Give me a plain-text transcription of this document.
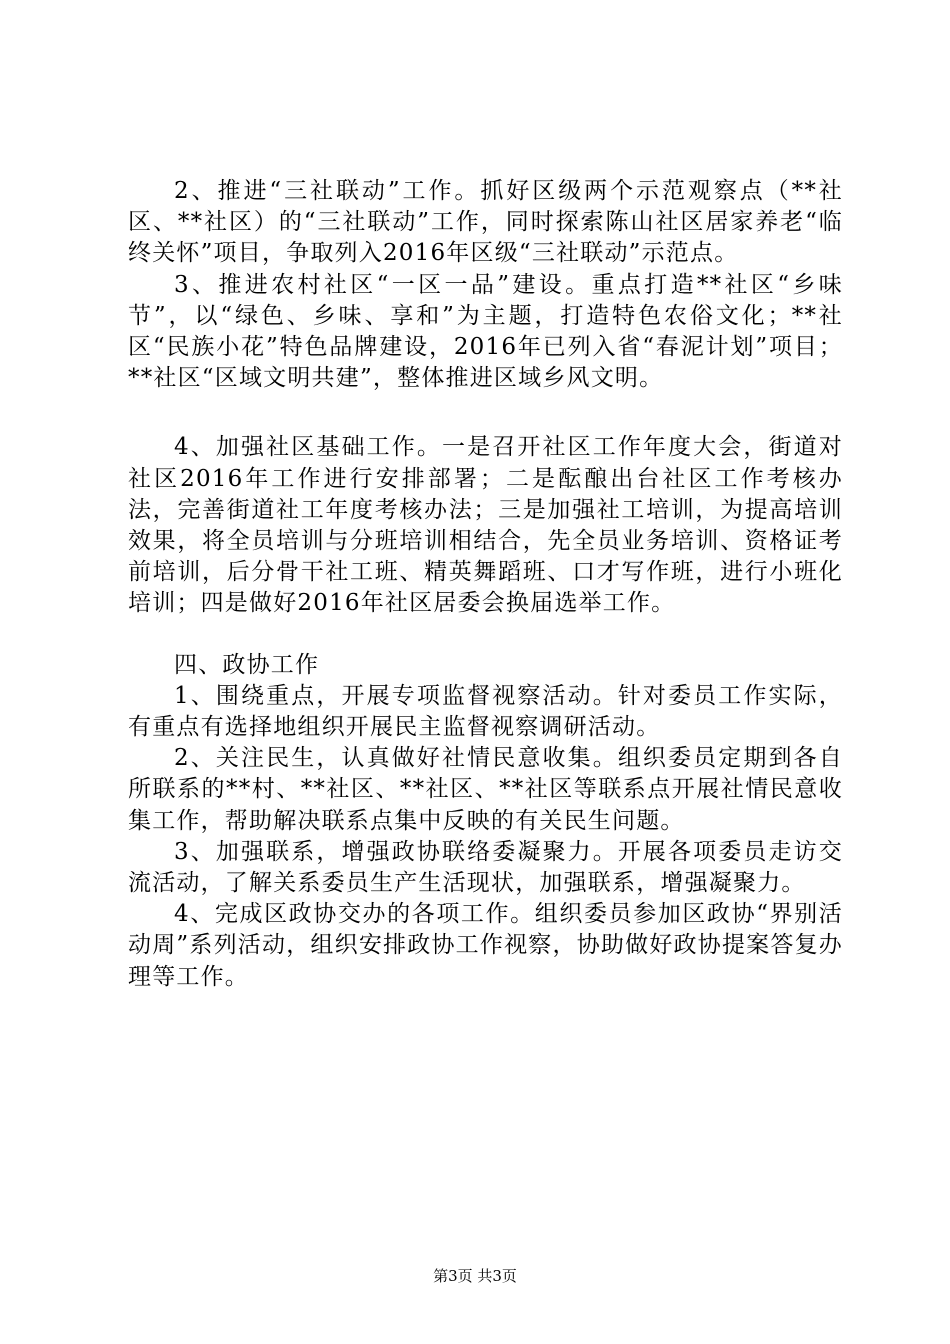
2、推进“三社联动”工作。抓好区级两个示范观察点（**社区、**社区）的“三社联动”工作，同时探索陈山社区居家养老“临终关怀”项目，争取列入2016年区级“三社联动”示范点。

3、推进农村社区“一区一品”建设。重点打造**社区“乡味节”，以“绿色、乡味、享和”为主题，打造特色农俗文化；**社区“民族小花”特色品牌建设，2016年已列入省“春泥计划”项目；**社区“区域文明共建”，整体推进区域乡风文明。

4、加强社区基础工作。一是召开社区工作年度大会，街道对社区2016年工作进行安排部署；二是酝酿出台社区工作考核办法，完善街道社工年度考核办法；三是加强社工培训，为提高培训效果，将全员培训与分班培训相结合，先全员业务培训、资格证考前培训，后分骨干社工班、精英舞蹈班、口才写作班，进行小班化培训；四是做好2016年社区居委会换届选举工作。

四、政协工作

1、围绕重点，开展专项监督视察活动。针对委员工作实际，有重点有选择地组织开展民主监督视察调研活动。

2、关注民生，认真做好社情民意收集。组织委员定期到各自所联系的**村、**社区、**社区、**社区等联系点开展社情民意收集工作，帮助解决联系点集中反映的有关民生问题。

3、加强联系，增强政协联络委凝聚力。开展各项委员走访交流活动，了解关系委员生产生活现状，加强联系，增强凝聚力。

4、完成区政协交办的各项工作。组织委员参加区政协“界别活动周”系列活动，组织安排政协工作视察，协助做好政协提案答复办理等工作。

第3页 共3页
